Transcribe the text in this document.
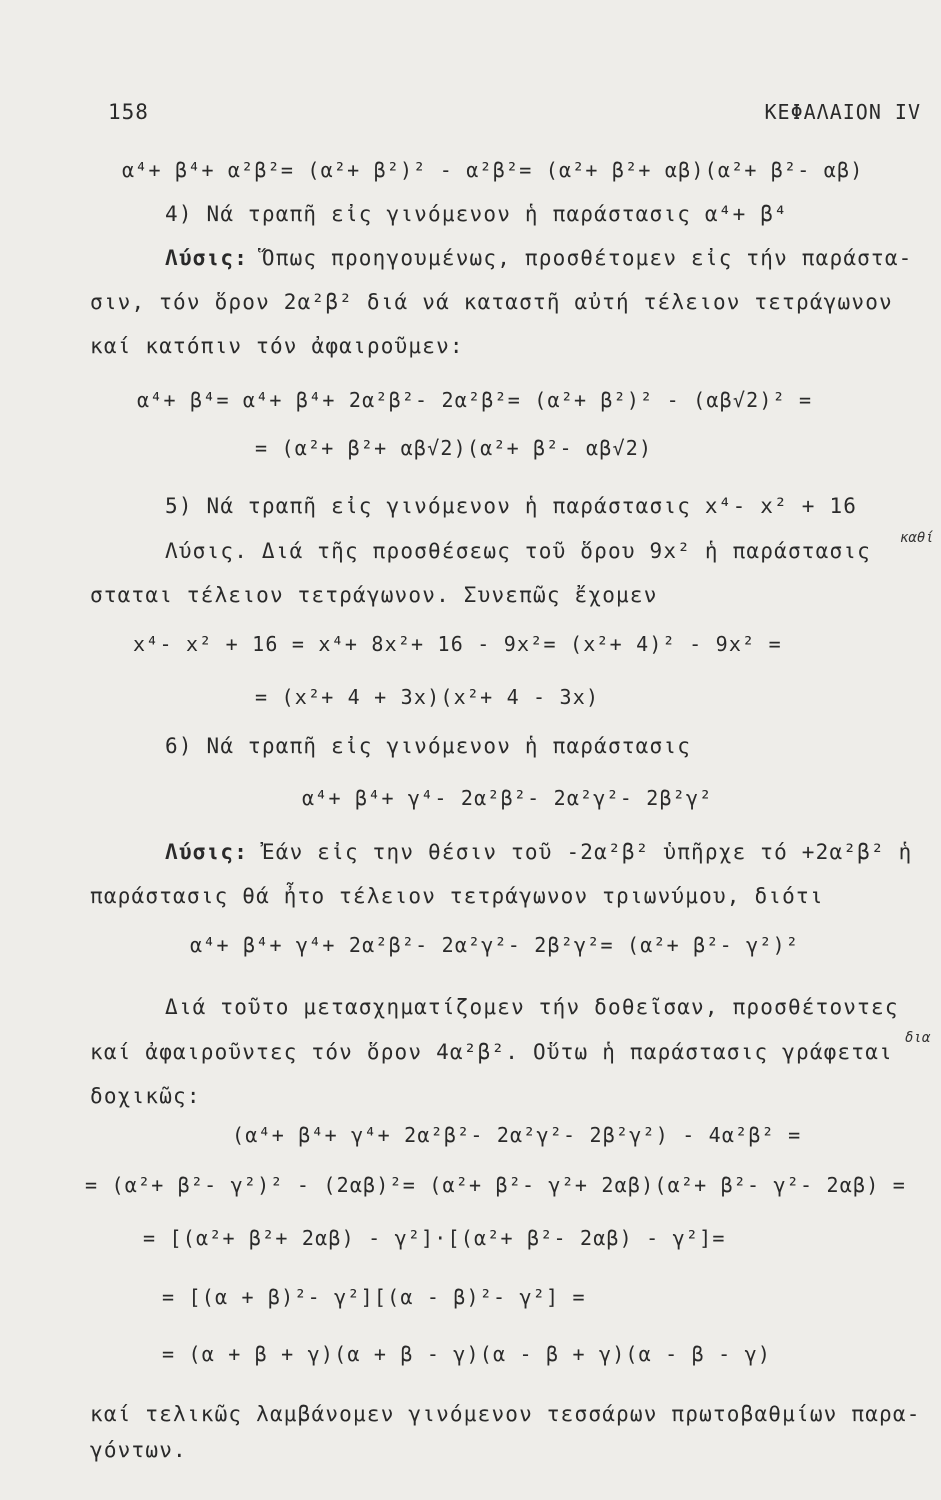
158	ΚΕΦΑΛΑΙΟΝ IV
α⁴+ β⁴+ α²β²= (α²+ β²)² - α²β²= (α²+ β²+ αβ)(α²+ β²- αβ)
4) Νά τραπῆ εἰς γινόμενον ἡ παράστασις α⁴+ β⁴
Λύσις: Ὅπως προηγουμένως, προσθέτομεν εἰς τήν παράστα-
σιν, τόν ὅρον 2α²β² διά νά καταστῆ αὐτή τέλειον τετράγωνον
καί κατόπιν τόν ἀφαιροῦμεν:
α⁴+ β⁴= α⁴+ β⁴+ 2α²β²- 2α²β²= (α²+ β²)² - (αβ√2)² =
= (α²+ β²+ αβ√2)(α²+ β²- αβ√2)
5) Νά τραπῆ εἰς γινόμενον ἡ παράστασις x⁴- x² + 16
Λύσις. Διά τῆς προσθέσεως τοῦ ὅρου 9x² ἡ παράστασις
καθί
σταται τέλειον τετράγωνον. Συνεπῶς ἔχομεν
x⁴- x² + 16 = x⁴+ 8x²+ 16 - 9x²= (x²+ 4)² - 9x² =
= (x²+ 4 + 3x)(x²+ 4 - 3x)
6) Νά τραπῆ εἰς γινόμενον ἡ παράστασις
α⁴+ β⁴+ γ⁴- 2α²β²- 2α²γ²- 2β²γ²
Λύσις: Ἐάν εἰς την θέσιν τοῦ -2α²β² ὑπῆρχε τό +2α²β² ἡ
παράστασις θά ἦτο τέλειον τετράγωνον τριωνύμου, διότι
α⁴+ β⁴+ γ⁴+ 2α²β²- 2α²γ²- 2β²γ²= (α²+ β²- γ²)²
Διά τοῦτο μετασχηματίζομεν τήν δοθεῖσαν, προσθέτοντες
καί ἀφαιροῦντες τόν ὅρον 4α²β². Οὕτω ἡ παράστασις γράφεται
δια
δοχικῶς:
(α⁴+ β⁴+ γ⁴+ 2α²β²- 2α²γ²- 2β²γ²) - 4α²β² =
= (α²+ β²- γ²)² - (2αβ)²= (α²+ β²- γ²+ 2αβ)(α²+ β²- γ²- 2αβ) =
= [(α²+ β²+ 2αβ) - γ²]·[(α²+ β²- 2αβ) - γ²]=
= [(α + β)²- γ²][(α - β)²- γ²] =
= (α + β + γ)(α + β - γ)(α - β + γ)(α - β - γ)
καί τελικῶς λαμβάνομεν γινόμενον τεσσάρων πρωτοβαθμίων παρα-
γόντων.
